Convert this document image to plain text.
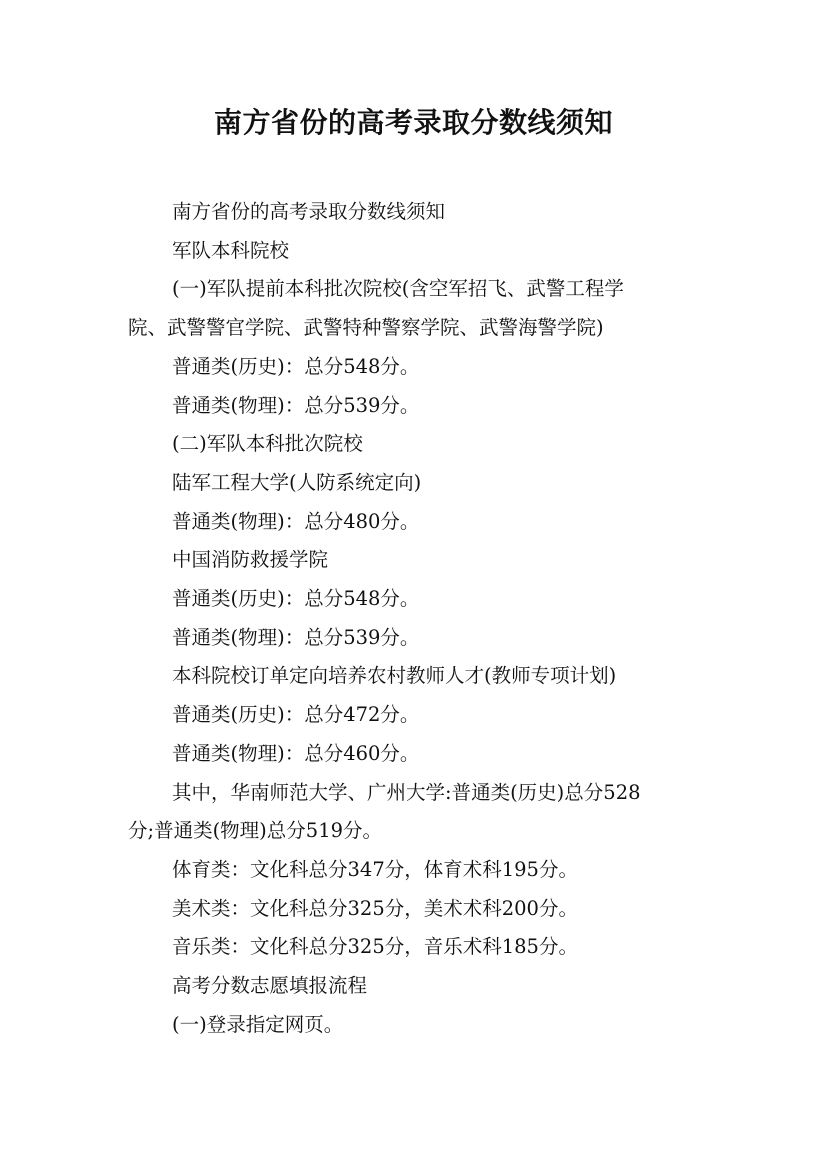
南方省份的高考录取分数线须知

南方省份的高考录取分数线须知

军队本科院校

(一)军队提前本科批次院校(含空军招飞、武警工程学

院、武警警官学院、武警特种警察学院、武警海警学院)

普通类(历史)：总分548分。

普通类(物理)：总分539分。

(二)军队本科批次院校

陆军工程大学(人防系统定向)

普通类(物理)：总分480分。

中国消防救援学院

普通类(历史)：总分548分。

普通类(物理)：总分539分。

本科院校订单定向培养农村教师人才(教师专项计划)

普通类(历史)：总分472分。

普通类(物理)：总分460分。

其中，华南师范大学、广州大学:普通类(历史)总分528

分;普通类(物理)总分519分。

体育类：文化科总分347分，体育术科195分。

美术类：文化科总分325分，美术术科200分。

音乐类：文化科总分325分，音乐术科185分。

高考分数志愿填报流程

(一)登录指定网页。
